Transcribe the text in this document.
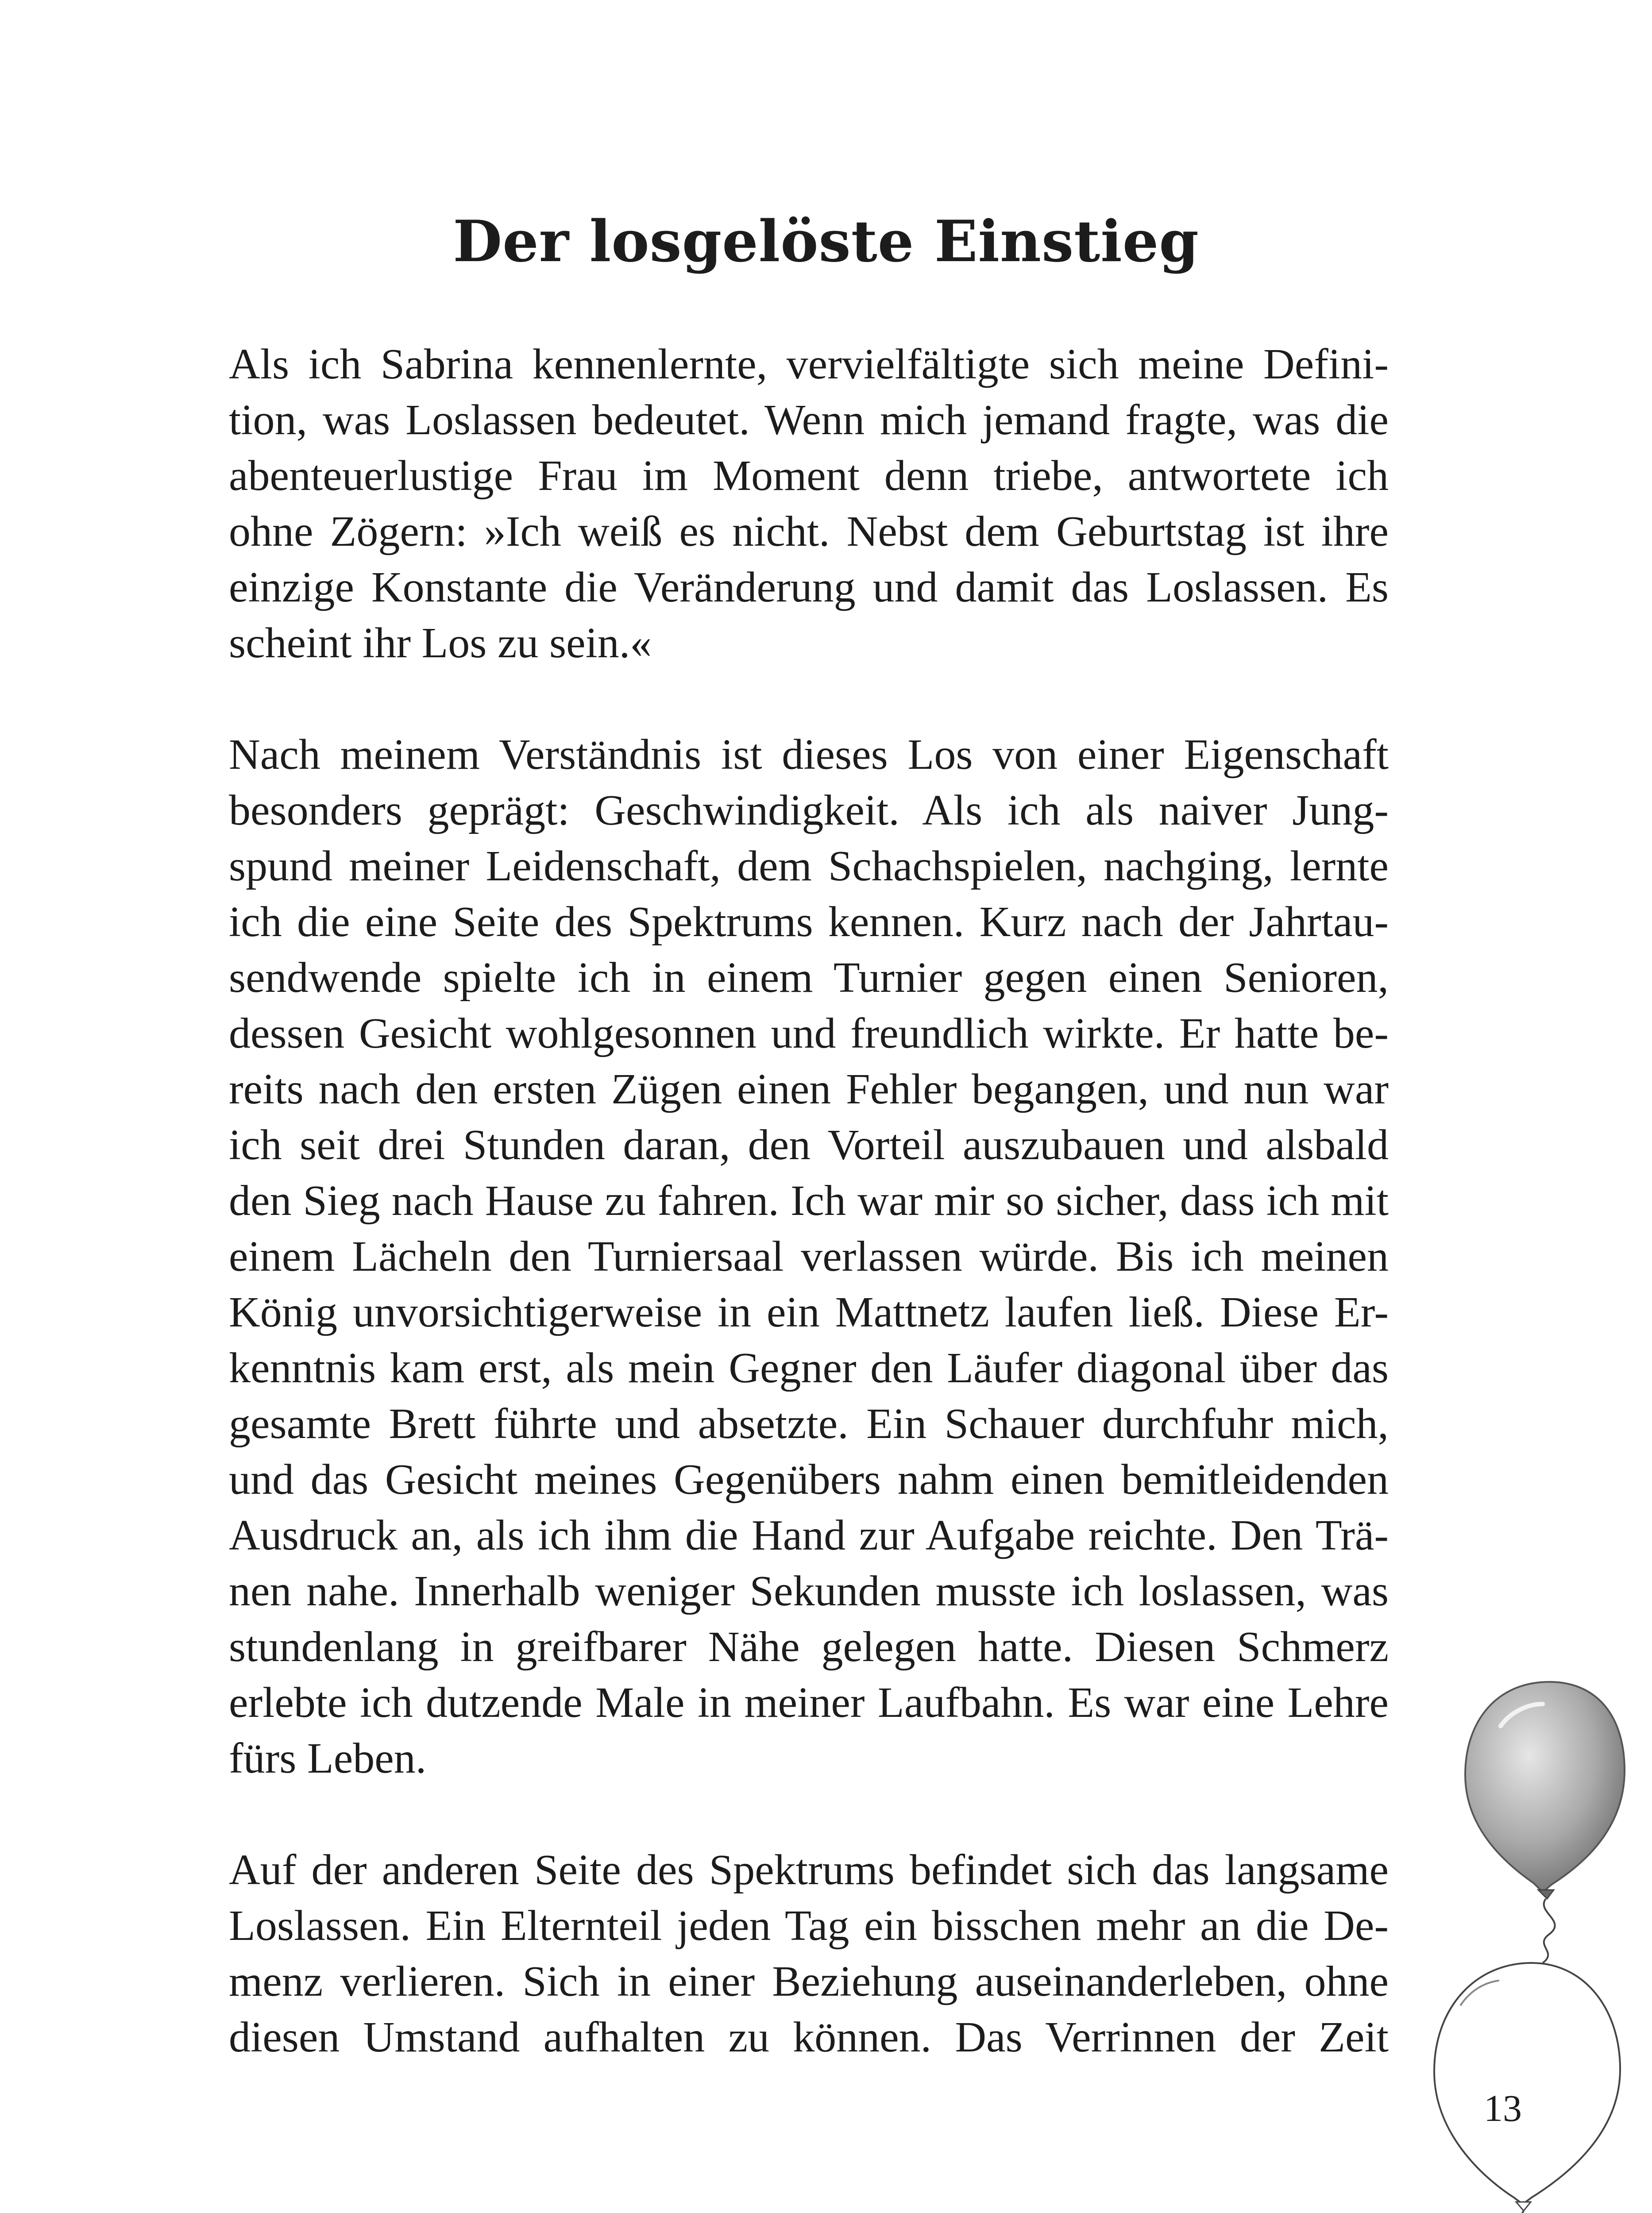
Der losgelöste Einstieg
Als ich Sabrina kennenlernte, vervielfältigte sich meine Defini-
tion, was Loslassen bedeutet. Wenn mich jemand fragte, was die
abenteuerlustige Frau im Moment denn triebe, antwortete ich
ohne Zögern: »Ich weiß es nicht. Nebst dem Geburtstag ist ihre
einzige Konstante die Veränderung und damit das Loslassen. Es
scheint ihr Los zu sein.«
Nach meinem Verständnis ist dieses Los von einer Eigenschaft
besonders geprägt: Geschwindigkeit. Als ich als naiver Jung-
spund meiner Leidenschaft, dem Schachspielen, nachging, lernte
ich die eine Seite des Spektrums kennen. Kurz nach der Jahrtau-
sendwende spielte ich in einem Turnier gegen einen Senioren,
dessen Gesicht wohlgesonnen und freundlich wirkte. Er hatte be-
reits nach den ersten Zügen einen Fehler begangen, und nun war
ich seit drei Stunden daran, den Vorteil auszubauen und alsbald
den Sieg nach Hause zu fahren. Ich war mir so sicher, dass ich mit
einem Lächeln den Turniersaal verlassen würde. Bis ich meinen
König unvorsichtigerweise in ein Mattnetz laufen ließ. Diese Er-
kenntnis kam erst, als mein Gegner den Läufer diagonal über das
gesamte Brett führte und absetzte. Ein Schauer durchfuhr mich,
und das Gesicht meines Gegenübers nahm einen bemitleidenden
Ausdruck an, als ich ihm die Hand zur Aufgabe reichte. Den Trä-
nen nahe. Innerhalb weniger Sekunden musste ich loslassen, was
stundenlang in greifbarer Nähe gelegen hatte. Diesen Schmerz
erlebte ich dutzende Male in meiner Laufbahn. Es war eine Lehre
fürs Leben.
Auf der anderen Seite des Spektrums befindet sich das langsame
Loslassen. Ein Elternteil jeden Tag ein bisschen mehr an die De-
menz verlieren. Sich in einer Beziehung auseinanderleben, ohne
diesen Umstand aufhalten zu können. Das Verrinnen der Zeit
13
